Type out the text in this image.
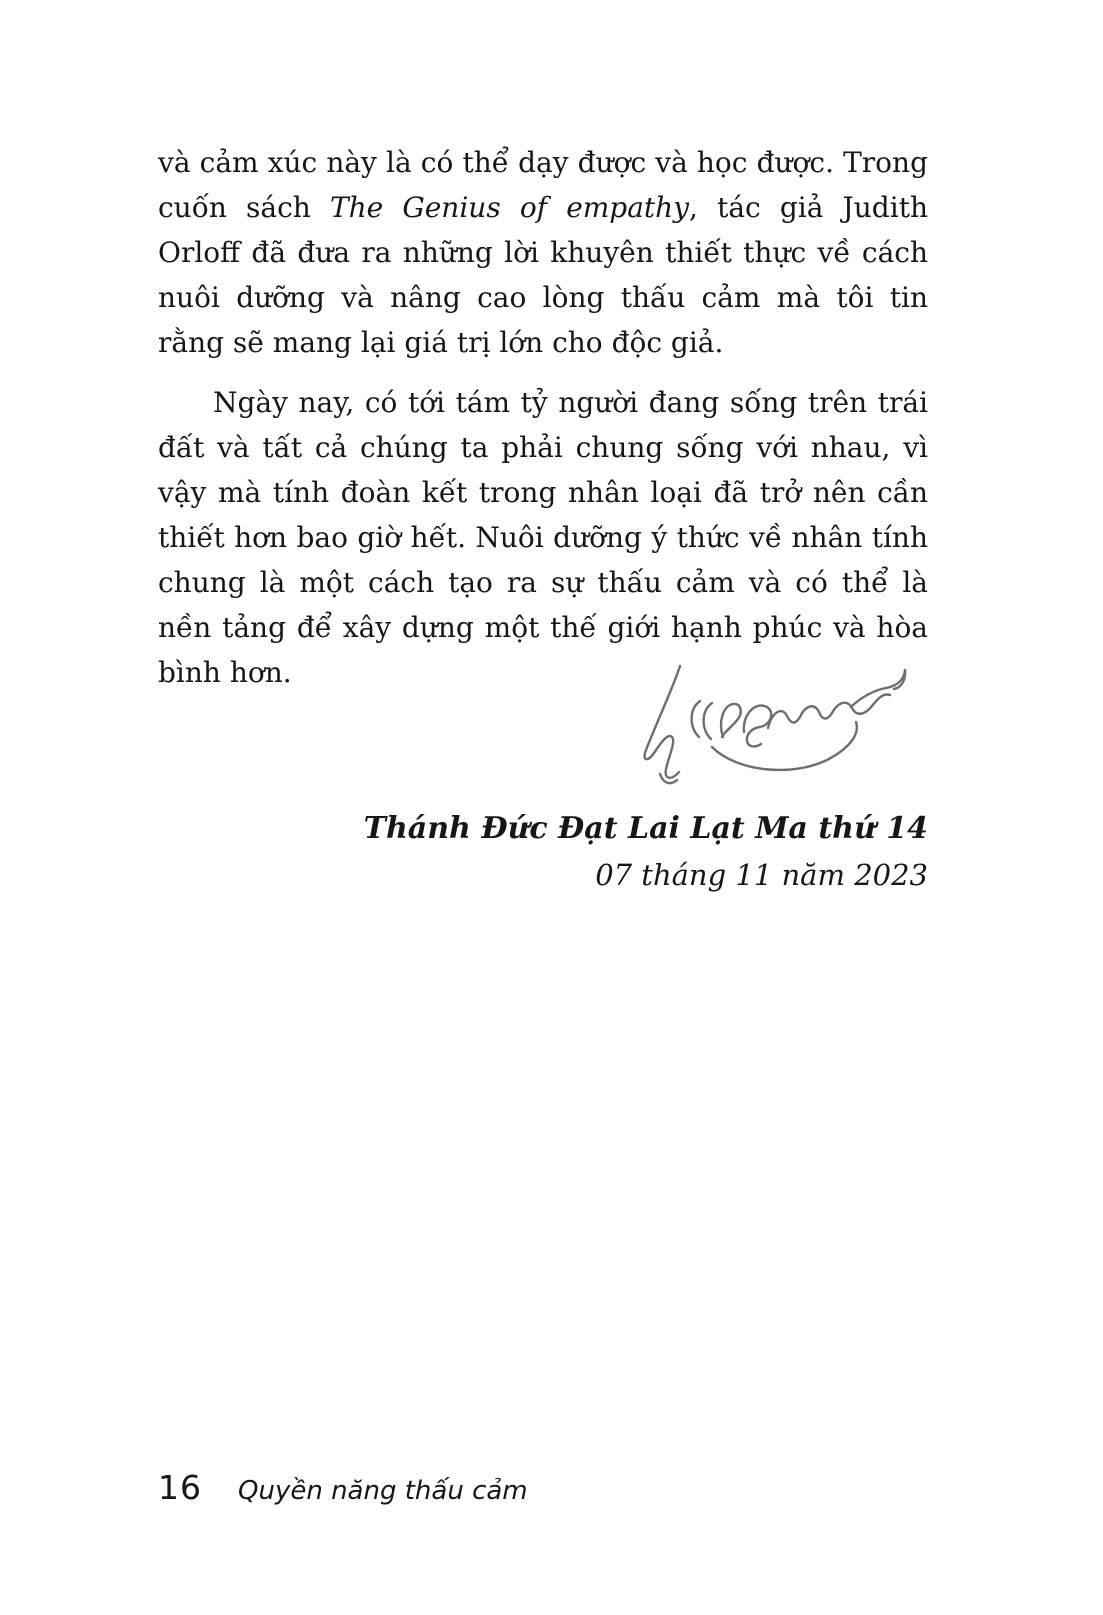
và cảm xúc này là có thể dạy được và học được. Trong cuốn sách The Genius of empathy, tác giả Judith Orloff đã đưa ra những lời khuyên thiết thực về cách nuôi dưỡng và nâng cao lòng thấu cảm mà tôi tin rằng sẽ mang lại giá trị lớn cho độc giả.

Ngày nay, có tới tám tỷ người đang sống trên trái đất và tất cả chúng ta phải chung sống với nhau, vì vậy mà tính đoàn kết trong nhân loại đã trở nên cần thiết hơn bao giờ hết. Nuôi dưỡng ý thức về nhân tính chung là một cách tạo ra sự thấu cảm và có thể là nền tảng để xây dựng một thế giới hạnh phúc và hòa bình hơn.

Thánh Đức Đạt Lai Lạt Ma thứ 14
07 tháng 11 năm 2023
16 Quyền năng thấu cảm
